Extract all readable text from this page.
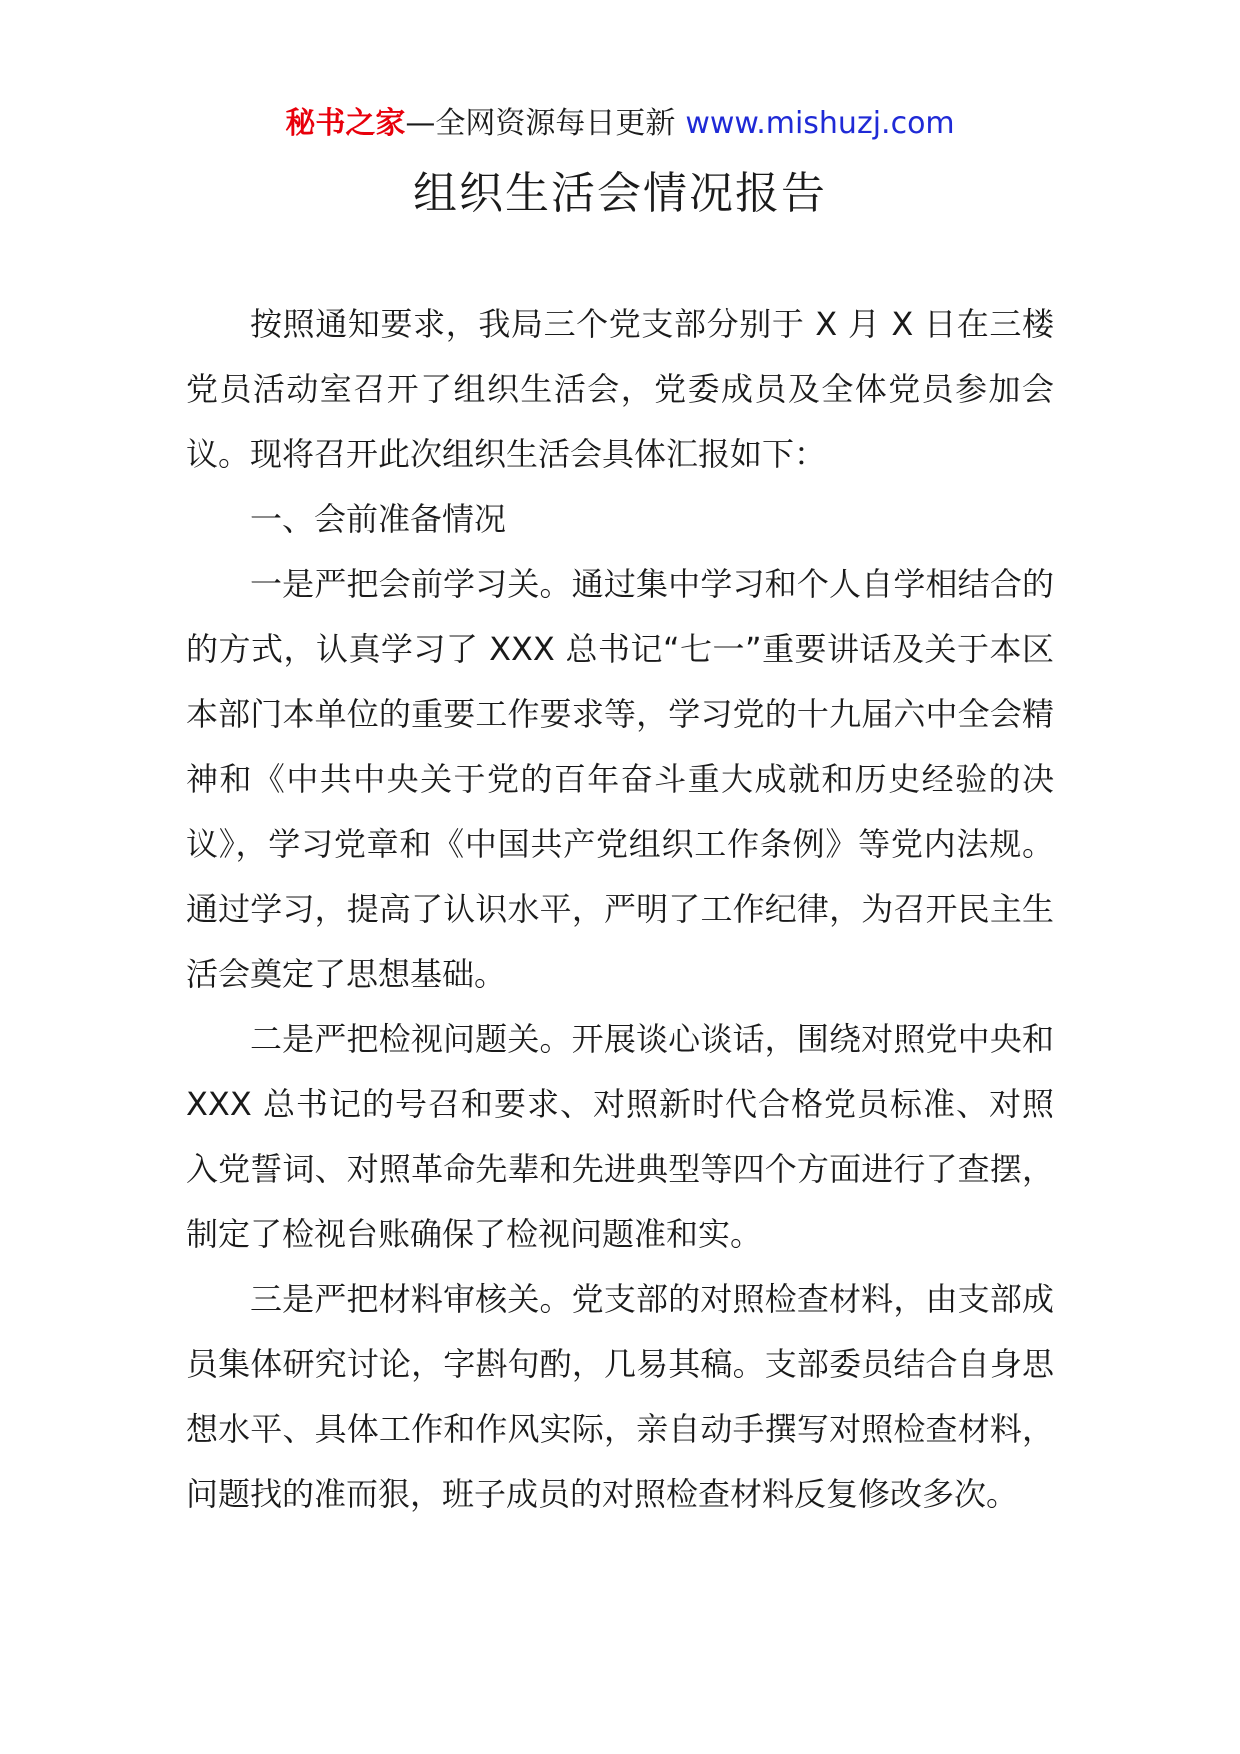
秘书之家—全网资源每日更新 www.mishuzj.com
组织生活会情况报告

按照通知要求，我局三个党支部分别于 X 月 X 日在三楼党员活动室召开了组织生活会，党委成员及全体党员参加会议。现将召开此次组织生活会具体汇报如下：

一、会前准备情况

一是严把会前学习关。通过集中学习和个人自学相结合的的方式，认真学习了 XXX 总书记“七一”重要讲话及关于本区本部门本单位的重要工作要求等，学习党的十九届六中全会精神和《中共中央关于党的百年奋斗重大成就和历史经验的决议》，学习党章和《中国共产党组织工作条例》等党内法规。通过学习，提高了认识水平，严明了工作纪律，为召开民主生活会奠定了思想基础。

二是严把检视问题关。开展谈心谈话，围绕对照党中央和 XXX 总书记的号召和要求、对照新时代合格党员标准、对照入党誓词、对照革命先辈和先进典型等四个方面进行了查摆，制定了检视台账确保了检视问题准和实。

三是严把材料审核关。党支部的对照检查材料，由支部成员集体研究讨论，字斟句酌，几易其稿。支部委员结合自身思想水平、具体工作和作风实际，亲自动手撰写对照检查材料，问题找的准而狠，班子成员的对照检查材料反复修改多次。
